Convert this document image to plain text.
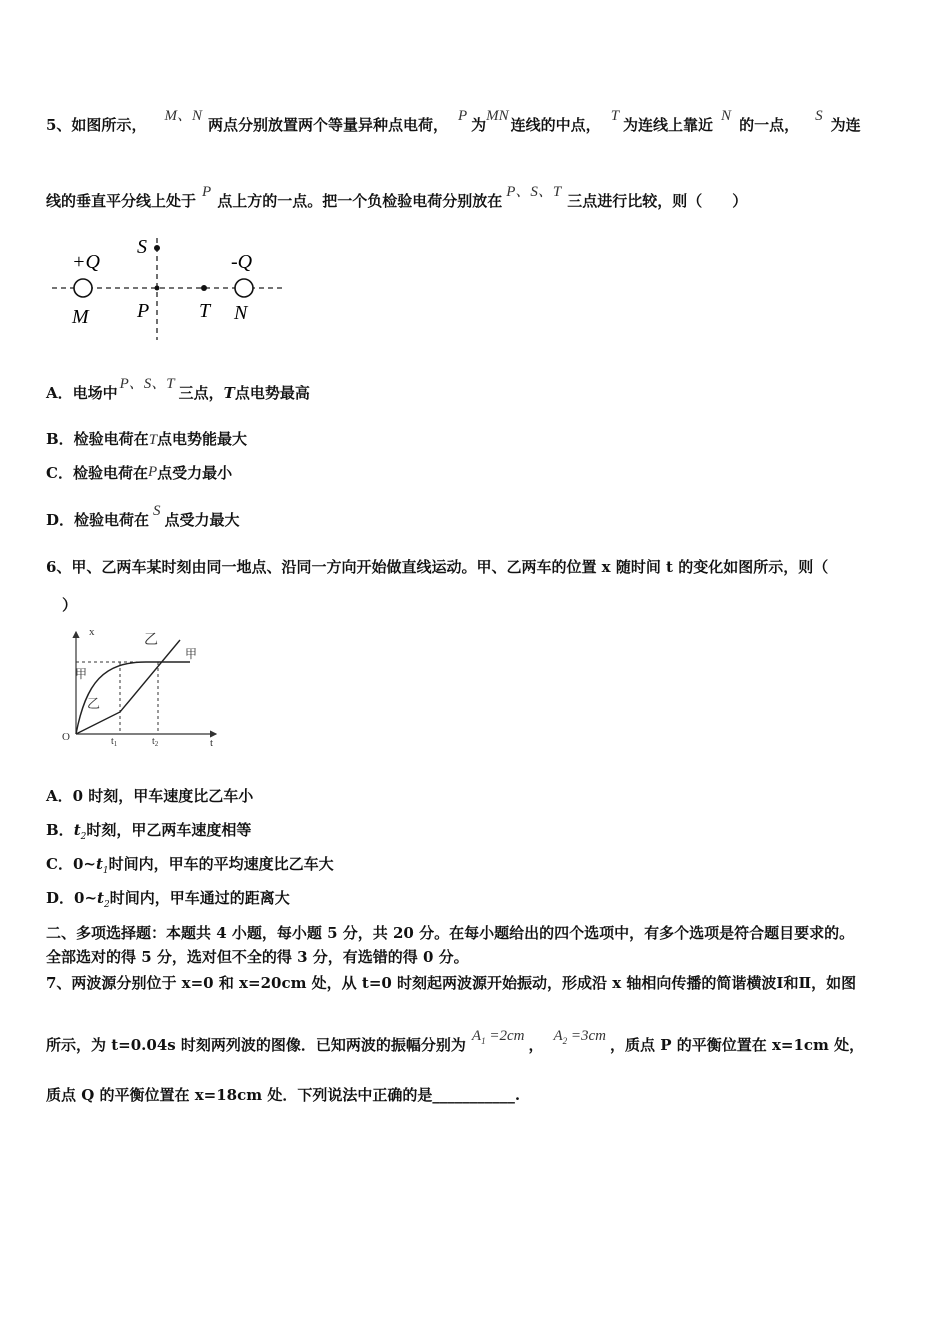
5、如图所示， M、N 两点分别放置两个等量异种点电荷， P 为MN 连线的中点， T 为连线上靠近 N 的一点， S 为连
线的垂直平分线上处于 P 点上方的一点。把一个负检验电荷分别放在 P、S、T 三点进行比较，则（　　）
+Q	-Q
S
M P T N
A．电场中 P、S、T 三点，T点电势最高
B．检验电荷在T点电势能最大
C．检验电荷在P点受力最小
D．检验电荷在 S 点受力最大
6、甲、乙两车某时刻由同一地点、沿同一方向开始做直线运动。甲、乙两车的位置 x 随时间 t 的变化如图所示，则（
）
x
t
O	$t_1$	$t_2$
乙
甲
甲
乙
A．0 时刻，甲车速度比乙车小
B．$t_2$时刻，甲乙两车速度相等
C．$0\sim t_1$时间内，甲车的平均速度比乙车大
D．$0\sim t_2$时间内，甲车通过的距离大
二、多项选择题：本题共 4 小题，每小题 5 分，共 20 分。在每小题给出的四个选项中，有多个选项是符合题目要求的。
全部选对的得 5 分，选对但不全的得 3 分，有选错的得 0 分。
7、两波源分别位于 x=0 和 x=20cm 处，从 t=0 时刻起两波源开始振动，形成沿 x 轴相向传播的简谐横波Ⅰ和Ⅱ，如图
所示，为 t=0.04s 时刻两列波的图像．已知两波的振幅分别为 $A_1 =2cm$ ， $A_2 =3cm$ ，质点 P 的平衡位置在 x=1cm 处，
质点 Q 的平衡位置在 x=18cm 处．下列说法中正确的是___________.
